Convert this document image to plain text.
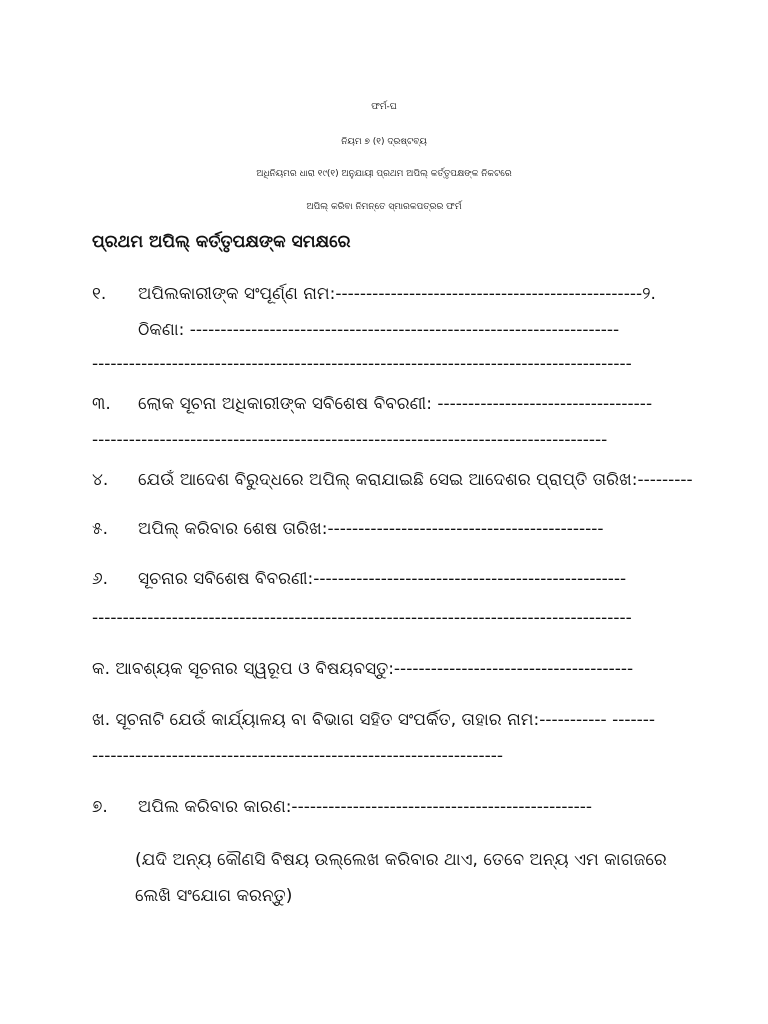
ଫର୍ମ-ଘ
ନିୟମ ୭ (୧) ଦ୍ରଷ୍ଟବ୍ୟ
ଅଧିନିୟମର ଧାରା ୧୯(୧) ଅନୁଯାୟୀ ପ୍ରଥମ ଅପିଲ୍ କର୍ତ୍ତୃପକ୍ଷଙ୍କ ନିକଟରେ
ଅପିଲ୍ କରିବା ନିମନ୍ତେ ସ୍ମାରକପତ୍ରର ଫର୍ମ
ପ୍ରଥମ ଅପିଲ୍ କର୍ତ୍ତୃପକ୍ଷଙ୍କ ସମକ୍ଷରେ
୧. ଅପିଲକାରୀଙ୍କ ସଂପୂର୍ଣ୍ଣ ନାମ:--------------------------------------------------୨.
ଠିକଣା: ----------------------------------------------------------------------
----------------------------------------------------------------------------------------
୩. ଲୋକ ସୂଚନା ଅଧିକାରୀଙ୍କ ସବିଶେଷ ବିବରଣୀ: -----------------------------------
------------------------------------------------------------------------------------
୪. ଯେଉଁ ଆଦେଶ ବିରୁଦ୍ଧରେ ଅପିଲ୍ କରାଯାଇଛି ସେଇ ଆଦେଶର ପ୍ରାପ୍ତି ତାରିଖ:---------
୫. ଅପିଲ୍ କରିବାର ଶେଷ ତାରିଖ:---------------------------------------------
୬. ସୂଚନାର ସବିଶେଷ ବିବରଣୀ:---------------------------------------------------
----------------------------------------------------------------------------------------
କ. ଆବଶ୍ୟକ ସୂଚନାର ସ୍ୱରୂପ ଓ ବିଷୟବସ୍ତୁ:---------------------------------------
ଖ. ସୂଚନାଟି ଯେଉଁ କାର୍ଯ୍ୟାଳୟ ବା ବିଭାଗ ସହିତ ସଂପର୍କିତ, ତାହାର ନାମ:----------- -------
-------------------------------------------------------------------
୭. ଅପିଲ କରିବାର କାରଣ:-------------------------------------------------
(ଯଦି ଅନ୍ୟ କୌଣସି ବିଷୟ ଉଲ୍ଲେଖ କରିବାର ଥାଏ, ତେବେ ଅନ୍ୟ ଏମ କାଗଜରେ
ଲେଖି ସଂଯୋଗ କରନ୍ତୁ)
